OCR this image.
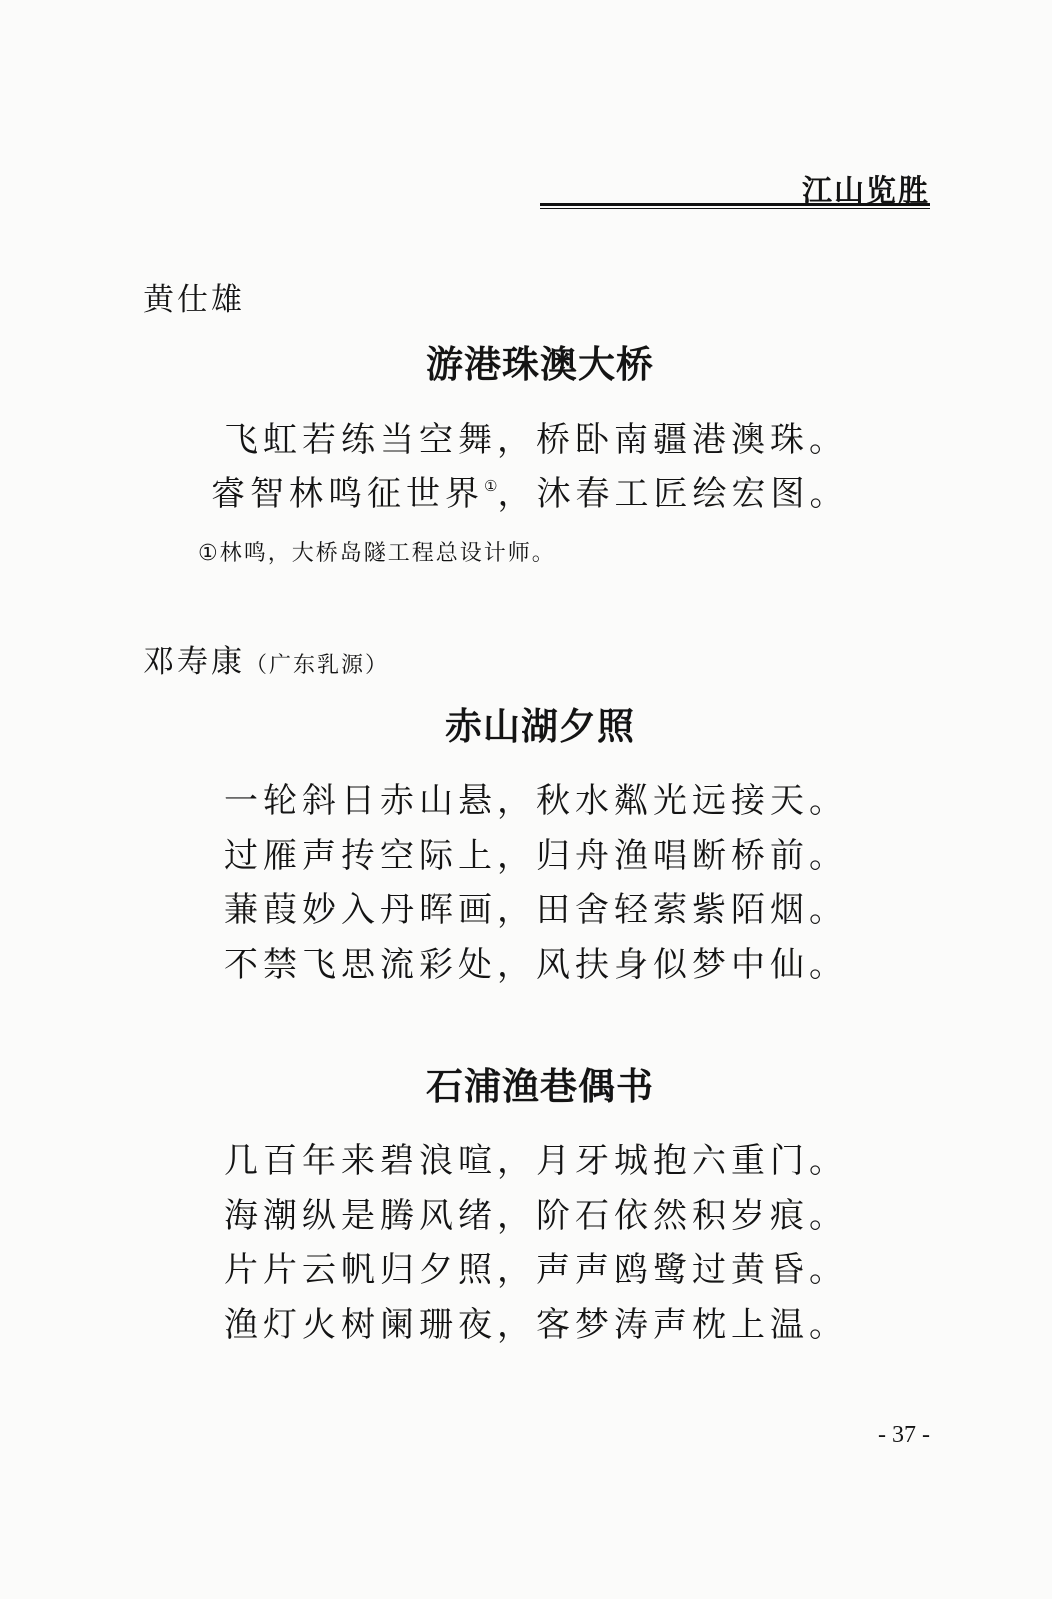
江山览胜
黄仕雄
游港珠澳大桥
飞虹若练当空舞，桥卧南疆港澳珠。
睿智林鸣征世界①，沐春工匠绘宏图。
①林鸣，大桥岛隧工程总设计师。
邓寿康（广东乳源）
赤山湖夕照
一轮斜日赤山悬，秋水粼光远接天。
过雁声抟空际上，归舟渔唱断桥前。
蒹葭妙入丹晖画，田舍轻萦紫陌烟。
不禁飞思流彩处，风扶身似梦中仙。
石浦渔巷偶书
几百年来碧浪喧，月牙城抱六重门。
海潮纵是腾风绪，阶石依然积岁痕。
片片云帆归夕照，声声鸥鹭过黄昏。
渔灯火树阑珊夜，客梦涛声枕上温。
- 37 -
